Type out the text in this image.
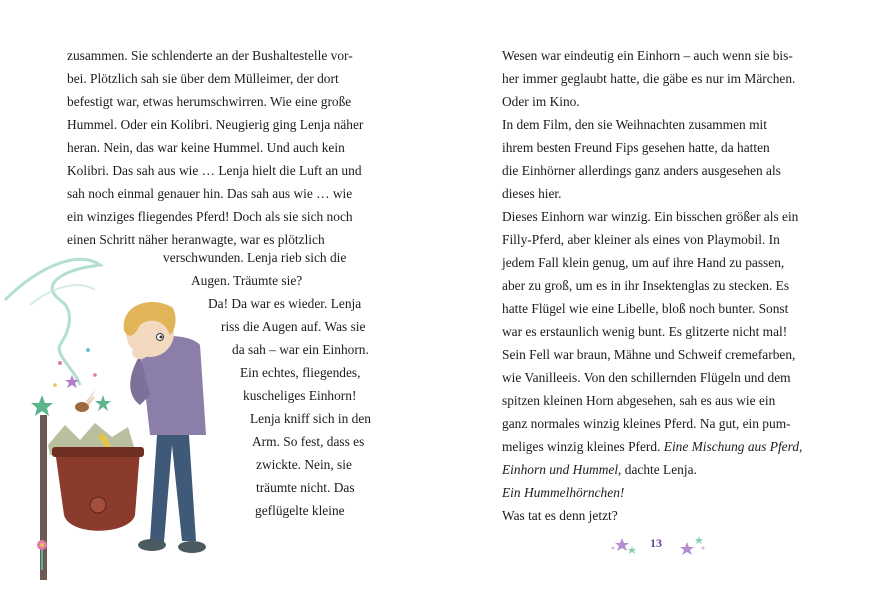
zusammen. Sie schlenderte an der Bushaltestelle vor-
bei. Plötzlich sah sie über dem Mülleimer, der dort
befestigt war, etwas herumschwirren. Wie eine große
Hummel. Oder ein Kolibri. Neugierig ging Lenja näher
heran. Nein, das war keine Hummel. Und auch kein
Kolibri. Das sah aus wie … Lenja hielt die Luft an und
sah noch einmal genauer hin. Das sah aus wie … wie
ein winziges fliegendes Pferd! Doch als sie sich noch
einen Schritt näher heranwagte, war es plötzlich
verschwunden. Lenja rieb sich die
Augen. Träumte sie?
Da! Da war es wieder. Lenja
riss die Augen auf. Was sie
da sah – war ein Einhorn.
Ein echtes, fliegendes,
kuscheliges Einhorn!
Lenja kniff sich in den
Arm. So fest, dass es
zwickte. Nein, sie
träumte nicht. Das
geflügelte kleine
Wesen war eindeutig ein Einhorn – auch wenn sie bis-
her immer geglaubt hatte, die gäbe es nur im Märchen.
Oder im Kino.
In dem Film, den sie Weihnachten zusammen mit
ihrem besten Freund Fips gesehen hatte, da hatten
die Einhörner allerdings ganz anders ausgesehen als
dieses hier.
Dieses Einhorn war winzig. Ein bisschen größer als ein
Filly-Pferd, aber kleiner als eines von Playmobil. In
jedem Fall klein genug, um auf ihre Hand zu passen,
aber zu groß, um es in ihr Insektenglas zu stecken. Es
hatte Flügel wie eine Libelle, bloß noch bunter. Sonst
war es erstaunlich wenig bunt. Es glitzerte nicht mal!
Sein Fell war braun, Mähne und Schweif cremefarben,
wie Vanilleeis. Von den schillernden Flügeln und dem
spitzen kleinen Horn abgesehen, sah es aus wie ein
ganz normales winzig kleines Pferd. Na gut, ein pum-
meliges winzig kleines Pferd. Eine Mischung aus Pferd,
Einhorn und Hummel, dachte Lenja.
Ein Hummelhörnchen!
Was tat es denn jetzt?
13
